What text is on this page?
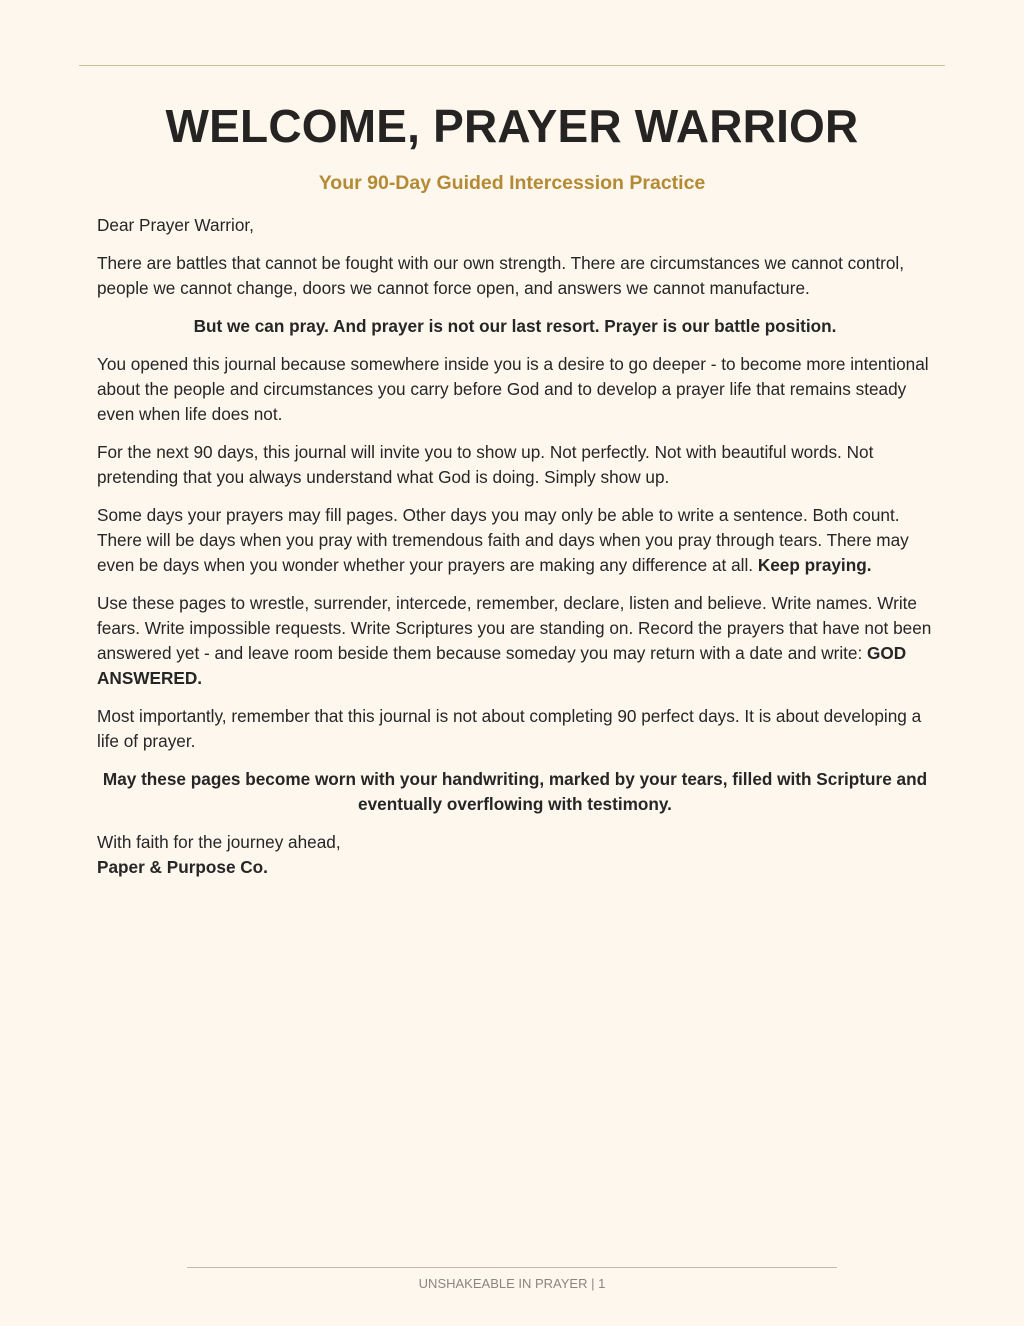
WELCOME, PRAYER WARRIOR
Your 90-Day Guided Intercession Practice

Dear Prayer Warrior,

There are battles that cannot be fought with our own strength. There are circumstances we cannot control, people we cannot change, doors we cannot force open, and answers we cannot manufacture.

But we can pray. And prayer is not our last resort. Prayer is our battle position.

You opened this journal because somewhere inside you is a desire to go deeper - to become more intentional about the people and circumstances you carry before God and to develop a prayer life that remains steady even when life does not.

For the next 90 days, this journal will invite you to show up. Not perfectly. Not with beautiful words. Not pretending that you always understand what God is doing. Simply show up.

Some days your prayers may fill pages. Other days you may only be able to write a sentence. Both count. There will be days when you pray with tremendous faith and days when you pray through tears. There may even be days when you wonder whether your prayers are making any difference at all. Keep praying.

Use these pages to wrestle, surrender, intercede, remember, declare, listen and believe. Write names. Write fears. Write impossible requests. Write Scriptures you are standing on. Record the prayers that have not been answered yet - and leave room beside them because someday you may return with a date and write: GOD ANSWERED.

Most importantly, remember that this journal is not about completing 90 perfect days. It is about developing a life of prayer.

May these pages become worn with your handwriting, marked by your tears, filled with Scripture and eventually overflowing with testimony.

With faith for the journey ahead,
Paper & Purpose Co.

UNSHAKEABLE IN PRAYER | 1
